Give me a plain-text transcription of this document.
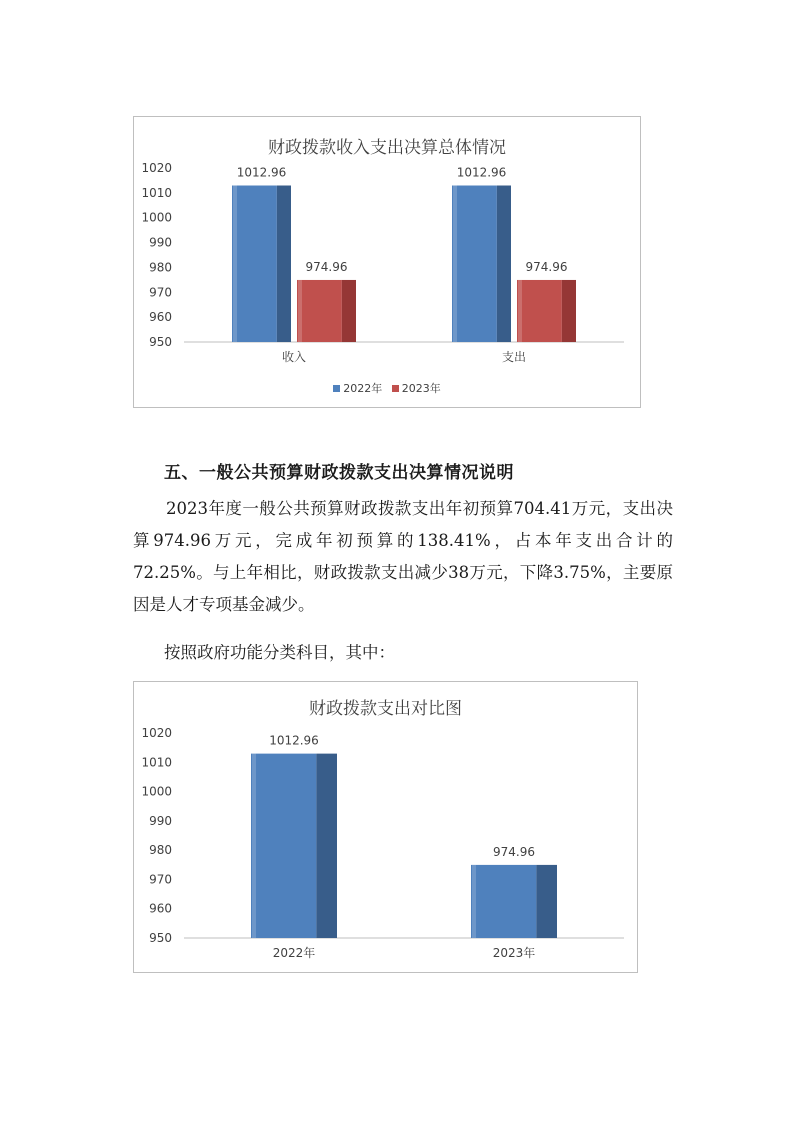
950
960
970
980
990
1000
1010
1020	1012.96
974.96
收入
1012.96
974.96
支出
财政拨款收入支出决算总体情况
2022年 2023年
五、一般公共预算财政拨款支出决算情况说明
2023年度一般公共预算财政拨款支出年初预算704.41万元，支出决算974.96万元，完成年初预算的138.41%，占本年支出合计的72.25%。与上年相比，财政拨款支出减少38万元，下降3.75%，主要原因是人才专项基金减少。
按照政府功能分类科目，其中：
950
960
970
980
990
1000
1010
1020
1012.96
2022年
974.96
2023年
财政拨款支出对比图
